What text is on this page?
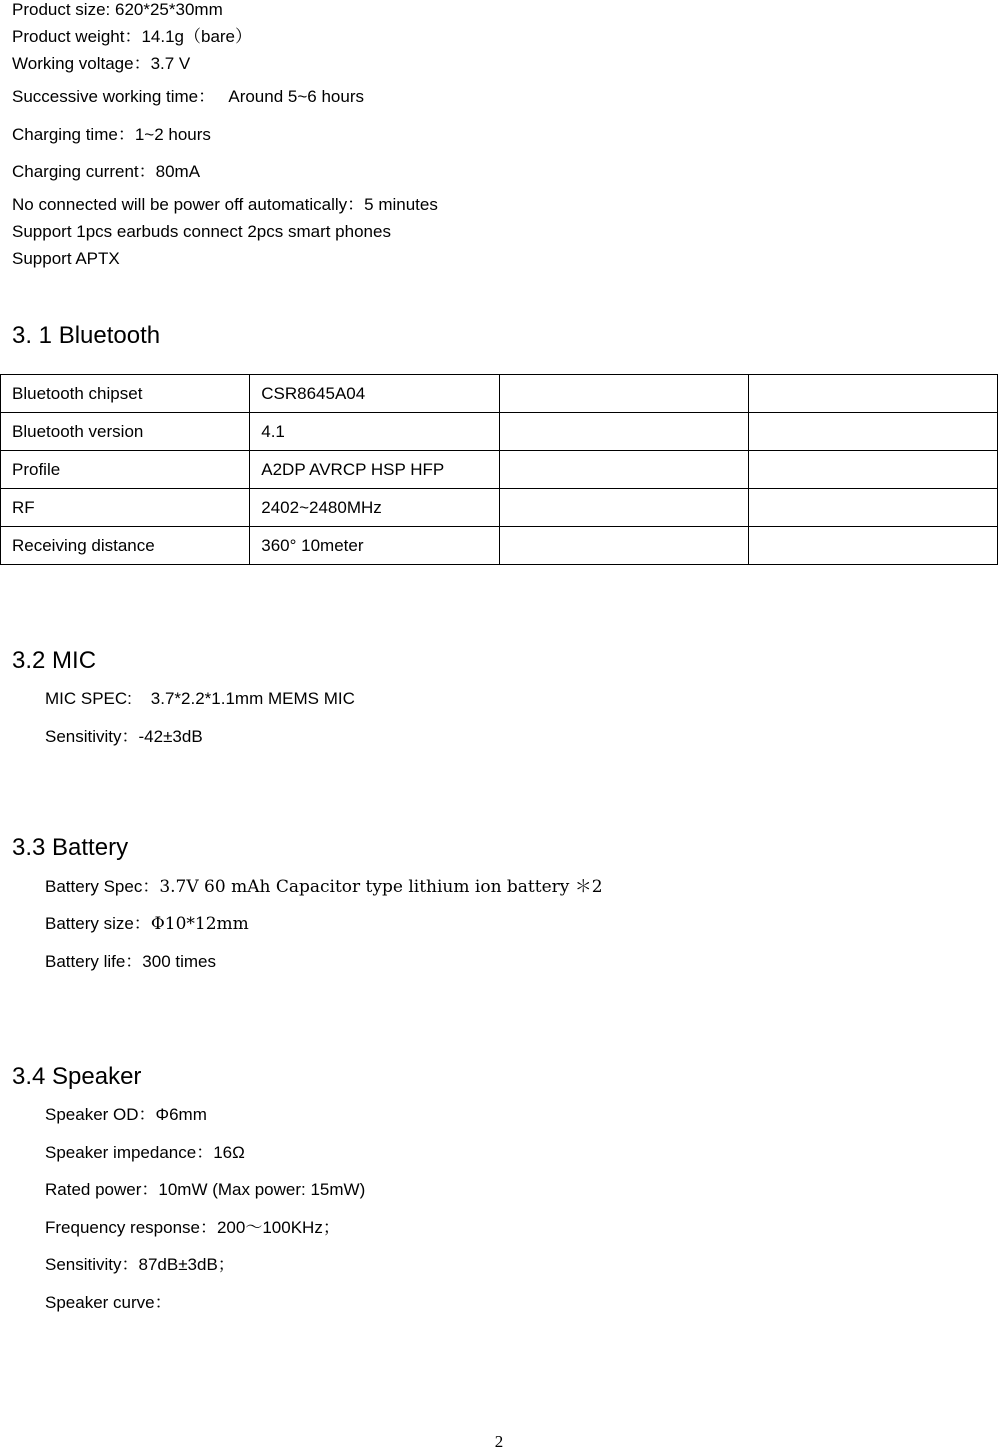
Product size: 620*25*30mm
Product weight：14.1g（bare）
Working voltage：3.7 V
Successive working time：   Around 5~6 hours
Charging time：1~2 hours
Charging current：80mA
No connected will be power off automatically：5 minutes
Support 1pcs earbuds connect 2pcs smart phones
Support APTX
3. 1 Bluetooth
Bluetooth chipset	CSR8645A04		
Bluetooth version	4.1		
Profile	A2DP AVRCP HSP HFP		
RF	2402~2480MHz		
Receiving distance	360° 10meter		
3.2 MIC
MIC SPEC:    3.7*2.2*1.1mm MEMS MIC
Sensitivity：-42±3dB
3.3 Battery
Battery Spec：3.7V 60 mAh Capacitor type lithium ion battery ＊2
Battery size：Φ10*12mm
Battery life：300 times
3.4 Speaker
Speaker OD：Φ6mm
Speaker impedance：16Ω
Rated power：10mW (Max power: 15mW)
Frequency response：200～100KHz；
Sensitivity：87dB±3dB；
Speaker curve：
2
